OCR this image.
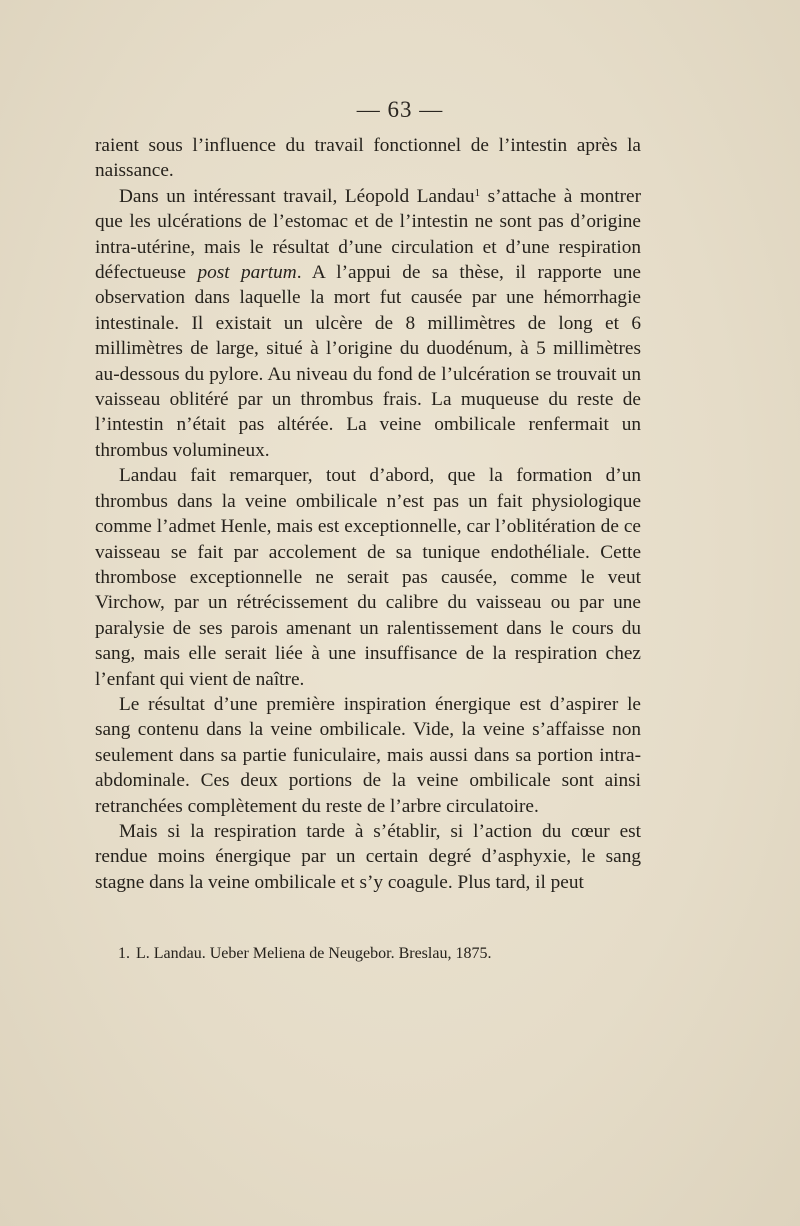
— 63 —

raient sous l’influence du travail fonctionnel de l’intestin après la naissance.

Dans un intéressant travail, Léopold Landau$^1$ s’attache à montrer que les ulcérations de l’estomac et de l’intestin ne sont pas d’origine intra-utérine, mais le résultat d’une circulation et d’une respiration défectueuse post partum. A l’appui de sa thèse, il rapporte une observation dans laquelle la mort fut causée par une hémorrhagie intestinale. Il existait un ulcère de 8 millimètres de long et 6 millimètres de large, situé à l’origine du duodénum, à 5 millimètres au-dessous du pylore. Au niveau du fond de l’ulcération se trouvait un vaisseau oblitéré par un thrombus frais. La muqueuse du reste de l’intestin n’était pas altérée. La veine ombilicale renfermait un thrombus volumineux.

Landau fait remarquer, tout d’abord, que la formation d’un thrombus dans la veine ombilicale n’est pas un fait physiologique comme l’admet Henle, mais est exceptionnelle, car l’oblitération de ce vaisseau se fait par accolement de sa tunique endothéliale. Cette thrombose exceptionnelle ne serait pas causée, comme le veut Virchow, par un rétrécissement du calibre du vaisseau ou par une paralysie de ses parois amenant un ralentissement dans le cours du sang, mais elle serait liée à une insuffisance de la respiration chez l’enfant qui vient de naître.

Le résultat d’une première inspiration énergique est d’aspirer le sang contenu dans la veine ombilicale. Vide, la veine s’affaisse non seulement dans sa partie funiculaire, mais aussi dans sa portion intra-abdominale. Ces deux portions de la veine ombilicale sont ainsi retranchées complètement du reste de l’arbre circulatoire.

Mais si la respiration tarde à s’établir, si l’action du cœur est rendue moins énergique par un certain degré d’asphyxie, le sang stagne dans la veine ombilicale et s’y coagule. Plus tard, il peut

1. L. Landau. Ueber Meliena de Neugebor. Breslau, 1875.
